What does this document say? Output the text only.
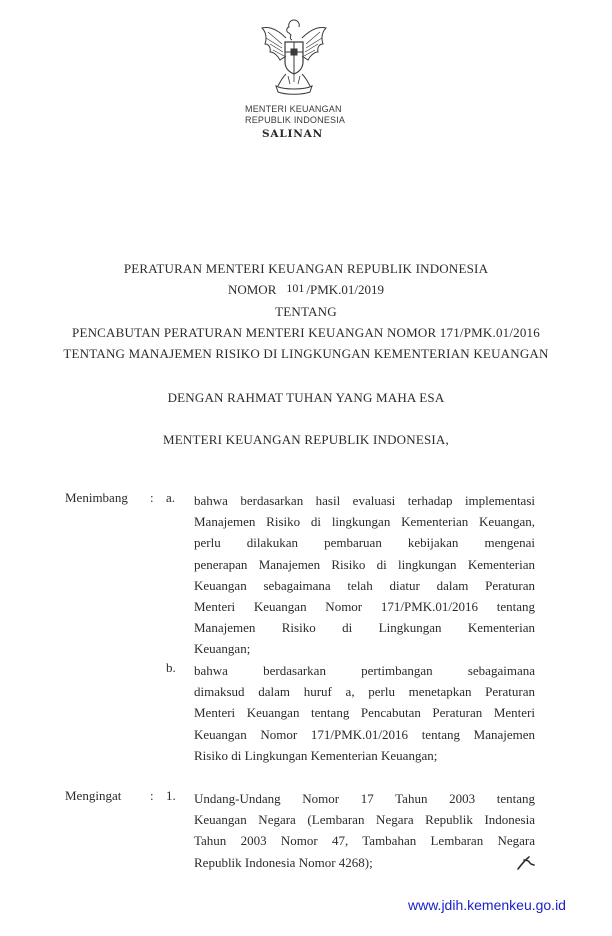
MENTERI KEUANGAN
REPUBLIK INDONESIA
SALINAN
PERATURAN MENTERI KEUANGAN REPUBLIK INDONESIA
NOMOR 101 /PMK.01/2019
TENTANG
PENCABUTAN PERATURAN MENTERI KEUANGAN NOMOR 171/PMK.01/2016
TENTANG MANAJEMEN RISIKO DI LINGKUNGAN KEMENTERIAN KEUANGAN
DENGAN RAHMAT TUHAN YANG MAHA ESA
MENTERI KEUANGAN REPUBLIK INDONESIA,
Menimbang : a. bahwa berdasarkan hasil evaluasi terhadap implementasi
Manajemen Risiko di lingkungan Kementerian Keuangan,
perlu dilakukan pembaruan kebijakan mengenai
penerapan Manajemen Risiko di lingkungan Kementerian
Keuangan sebagaimana telah diatur dalam Peraturan
Menteri Keuangan Nomor 171/PMK.01/2016 tentang
Manajemen Risiko di Lingkungan Kementerian
Keuangan;
b. bahwa berdasarkan pertimbangan sebagaimana
dimaksud dalam huruf a, perlu menetapkan Peraturan
Menteri Keuangan tentang Pencabutan Peraturan Menteri
Keuangan Nomor 171/PMK.01/2016 tentang Manajemen
Risiko di Lingkungan Kementerian Keuangan;
Mengingat : 1. Undang-Undang Nomor 17 Tahun 2003 tentang
Keuangan Negara (Lembaran Negara Republik Indonesia
Tahun 2003 Nomor 47, Tambahan Lembaran Negara
Republik Indonesia Nomor 4268);
www.jdih.kemenkeu.go.id
